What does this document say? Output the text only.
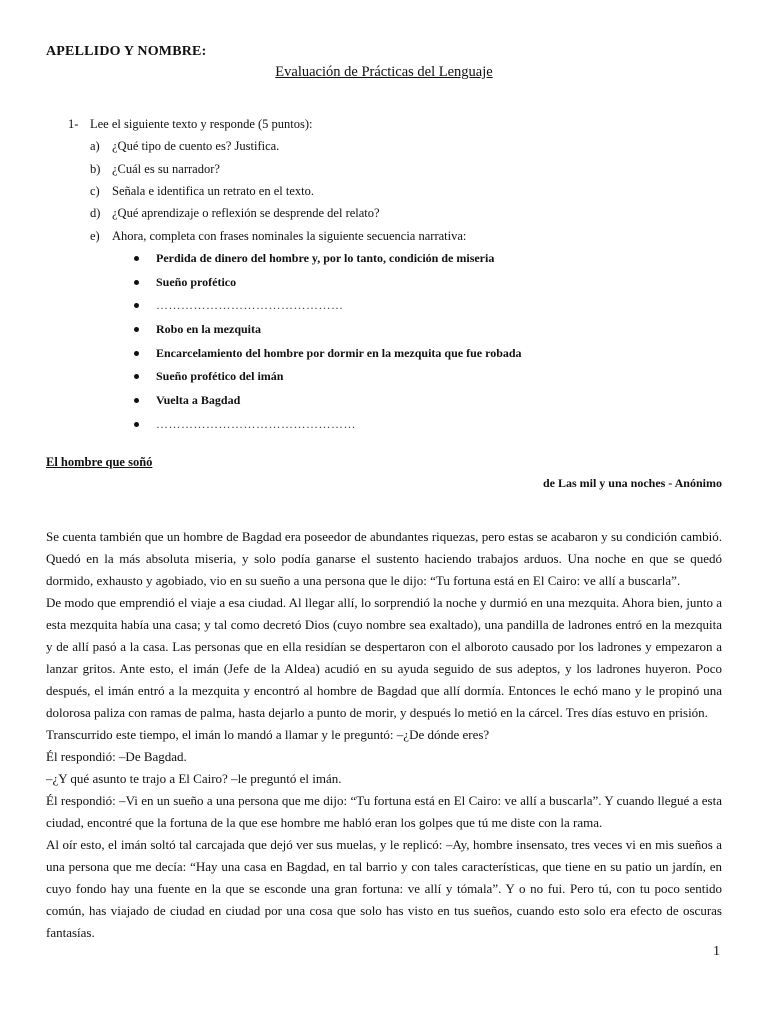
APELLIDO Y NOMBRE:
Evaluación de Prácticas del Lenguaje
1- Lee el siguiente texto y responde (5 puntos):
a) ¿Qué tipo de cuento es? Justifica.
b) ¿Cuál es su narrador?
c) Señala e identifica un retrato en el texto.
d) ¿Qué aprendizaje o reflexión se desprende del relato?
e) Ahora, completa con frases nominales la siguiente secuencia narrativa:
Perdida de dinero del hombre y, por lo tanto, condición de miseria
Sueño profético
………………………………………
Robo en la mezquita
Encarcelamiento del hombre por dormir en la mezquita que fue robada
Sueño profético del imán
Vuelta a Bagdad
…………………………………………
El hombre que soñó
de Las mil y una noches - Anónimo

Se cuenta también que un hombre de Bagdad era poseedor de abundantes riquezas, pero estas se acabaron y su condición cambió. Quedó en la más absoluta miseria, y solo podía ganarse el sustento haciendo trabajos arduos. Una noche en que se quedó dormido, exhausto y agobiado, vio en su sueño a una persona que le dijo: “Tu fortuna está en El Cairo: ve allí a buscarla”.

De modo que emprendió el viaje a esa ciudad. Al llegar allí, lo sorprendió la noche y durmió en una mezquita. Ahora bien, junto a esta mezquita había una casa; y tal como decretó Dios (cuyo nombre sea exaltado), una pandilla de ladrones entró en la mezquita y de allí pasó a la casa. Las personas que en ella residían se despertaron con el alboroto causado por los ladrones y empezaron a lanzar gritos. Ante esto, el imán (Jefe de la Aldea) acudió en su ayuda seguido de sus adeptos, y los ladrones huyeron. Poco después, el imán entró a la mezquita y encontró al hombre de Bagdad que allí dormía. Entonces le echó mano y le propinó una dolorosa paliza con ramas de palma, hasta dejarlo a punto de morir, y después lo metió en la cárcel. Tres días estuvo en prisión.

Transcurrido este tiempo, el imán lo mandó a llamar y le preguntó: –¿De dónde eres?

Él respondió: –De Bagdad.

–¿Y qué asunto te trajo a El Cairo? –le preguntó el imán.

Él respondió: –Vi en un sueño a una persona que me dijo: “Tu fortuna está en El Cairo: ve allí a buscarla”. Y cuando llegué a esta ciudad, encontré que la fortuna de la que ese hombre me habló eran los golpes que tú me diste con la rama.

Al oír esto, el imán soltó tal carcajada que dejó ver sus muelas, y le replicó: –Ay, hombre insensato, tres veces vi en mis sueños a una persona que me decía: “Hay una casa en Bagdad, en tal barrio y con tales características, que tiene en su patio un jardín, en cuyo fondo hay una fuente en la que se esconde una gran fortuna: ve allí y tómala”. Y o no fui. Pero tú, con tu poco sentido común, has viajado de ciudad en ciudad por una cosa que solo has visto en tus sueños, cuando esto solo era efecto de oscuras fantasías.

1
